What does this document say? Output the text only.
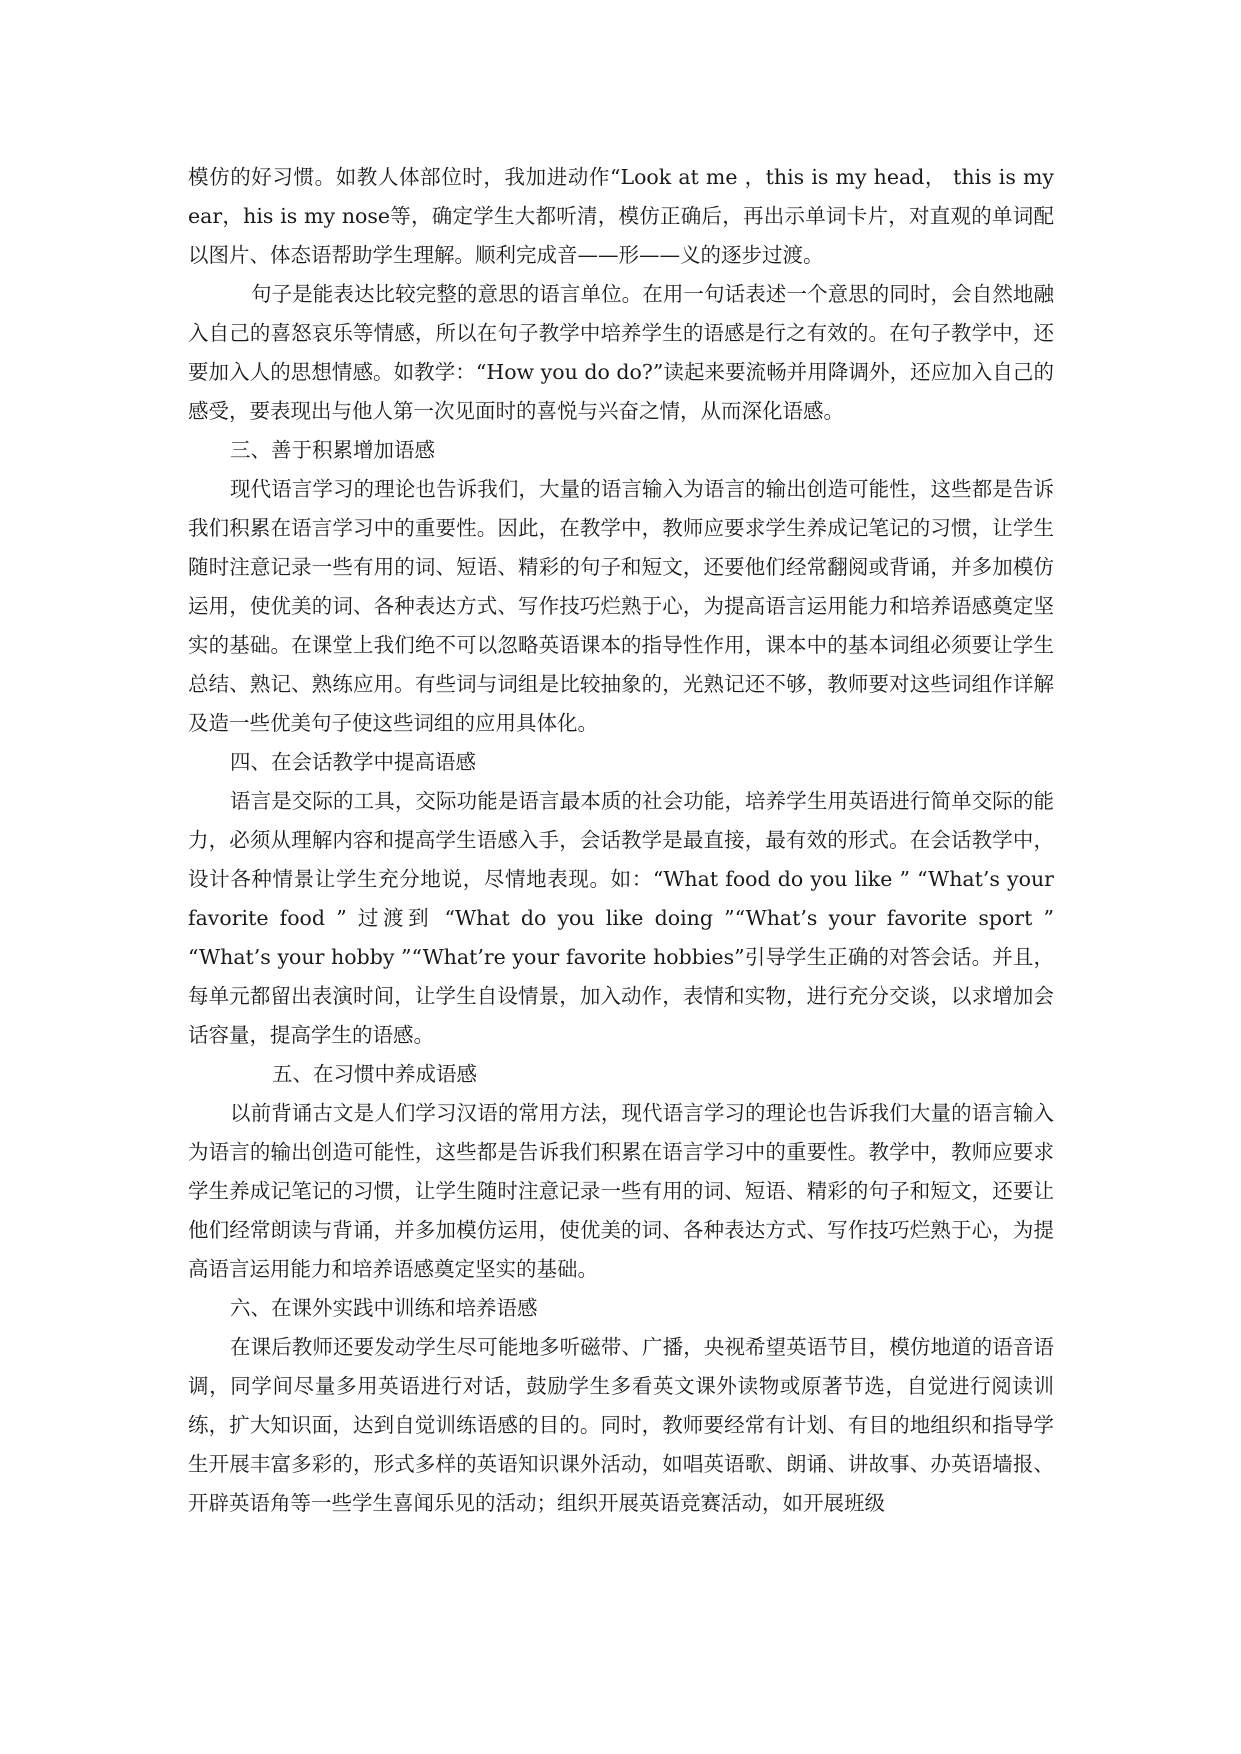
模仿的好习惯。如教人体部位时，我加进动作“Look at me ，this is my head， this is my ear，his is my nose等，确定学生大都听清，模仿正确后，再出示单词卡片，对直观的单词配以图片、体态语帮助学生理解。顺利完成音——形——义的逐步过渡。

句子是能表达比较完整的意思的语言单位。在用一句话表述一个意思的同时，会自然地融入自己的喜怒哀乐等情感，所以在句子教学中培养学生的语感是行之有效的。在句子教学中，还要加入人的思想情感。如教学：“How you do do?”读起来要流畅并用降调外，还应加入自己的感受，要表现出与他人第一次见面时的喜悦与兴奋之情，从而深化语感。

三、善于积累增加语感

现代语言学习的理论也告诉我们，大量的语言输入为语言的输出创造可能性，这些都是告诉我们积累在语言学习中的重要性。因此，在教学中，教师应要求学生养成记笔记的习惯，让学生随时注意记录一些有用的词、短语、精彩的句子和短文，还要他们经常翻阅或背诵，并多加模仿运用，使优美的词、各种表达方式、写作技巧烂熟于心，为提高语言运用能力和培养语感奠定坚实的基础。在课堂上我们绝不可以忽略英语课本的指导性作用，课本中的基本词组必须要让学生总结、熟记、熟练应用。有些词与词组是比较抽象的，光熟记还不够，教师要对这些词组作详解及造一些优美句子使这些词组的应用具体化。

四、在会话教学中提高语感

语言是交际的工具，交际功能是语言最本质的社会功能，培养学生用英语进行简单交际的能力，必须从理解内容和提高学生语感入手，会话教学是最直接，最有效的形式。在会话教学中，设计各种情景让学生充分地说，尽情地表现。如：“What food do you like ” “What’s your favorite food ” 过渡到 “What do you like doing ”“What’s your favorite sport ” “What’s your hobby ”“What’re your favorite hobbies”引导学生正确的对答会话。并且，每单元都留出表演时间，让学生自设情景，加入动作，表情和实物，进行充分交谈，以求增加会话容量，提高学生的语感。

五、在习惯中养成语感

以前背诵古文是人们学习汉语的常用方法，现代语言学习的理论也告诉我们大量的语言输入为语言的输出创造可能性，这些都是告诉我们积累在语言学习中的重要性。教学中，教师应要求学生养成记笔记的习惯，让学生随时注意记录一些有用的词、短语、精彩的句子和短文，还要让他们经常朗读与背诵，并多加模仿运用，使优美的词、各种表达方式、写作技巧烂熟于心，为提高语言运用能力和培养语感奠定坚实的基础。

六、在课外实践中训练和培养语感

在课后教师还要发动学生尽可能地多听磁带、广播，央视希望英语节目，模仿地道的语音语调，同学间尽量多用英语进行对话，鼓励学生多看英文课外读物或原著节选，自觉进行阅读训练，扩大知识面，达到自觉训练语感的目的。同时，教师要经常有计划、有目的地组织和指导学生开展丰富多彩的，形式多样的英语知识课外活动，如唱英语歌、朗诵、讲故事、办英语墙报、开辟英语角等一些学生喜闻乐见的活动；组织开展英语竞赛活动，如开展班级
